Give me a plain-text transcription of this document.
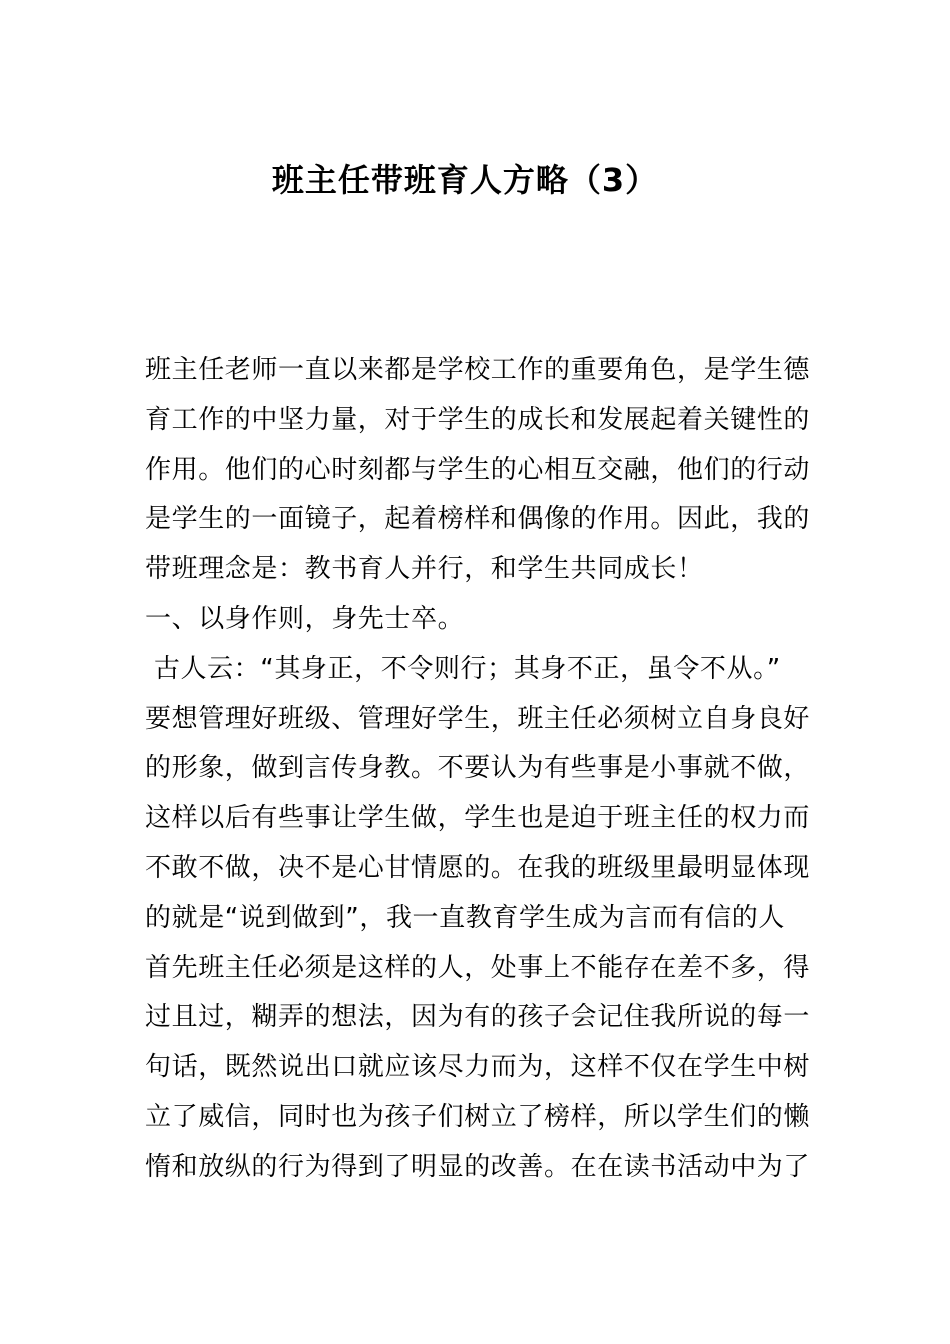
班主任带班育人方略（3）
班主任老师一直以来都是学校工作的重要角色，是学生德
育工作的中坚力量，对于学生的成长和发展起着关键性的
作用。他们的心时刻都与学生的心相互交融，他们的行动
是学生的一面镜子，起着榜样和偶像的作用。因此，我的
带班理念是：教书育人并行，和学生共同成长！
一、以身作则，身先士卒。
古人云：“其身正，不令则行；其身不正，虽令不从。”
要想管理好班级、管理好学生，班主任必须树立自身良好
的形象，做到言传身教。不要认为有些事是小事就不做，
这样以后有些事让学生做，学生也是迫于班主任的权力而
不敢不做，决不是心甘情愿的。在我的班级里最明显体现
的就是“说到做到”，我一直教育学生成为言而有信的人
首先班主任必须是这样的人，处事上不能存在差不多，得
过且过，糊弄的想法，因为有的孩子会记住我所说的每一
句话，既然说出口就应该尽力而为，这样不仅在学生中树
立了威信，同时也为孩子们树立了榜样，所以学生们的懒
惰和放纵的行为得到了明显的改善。在在读书活动中为了
